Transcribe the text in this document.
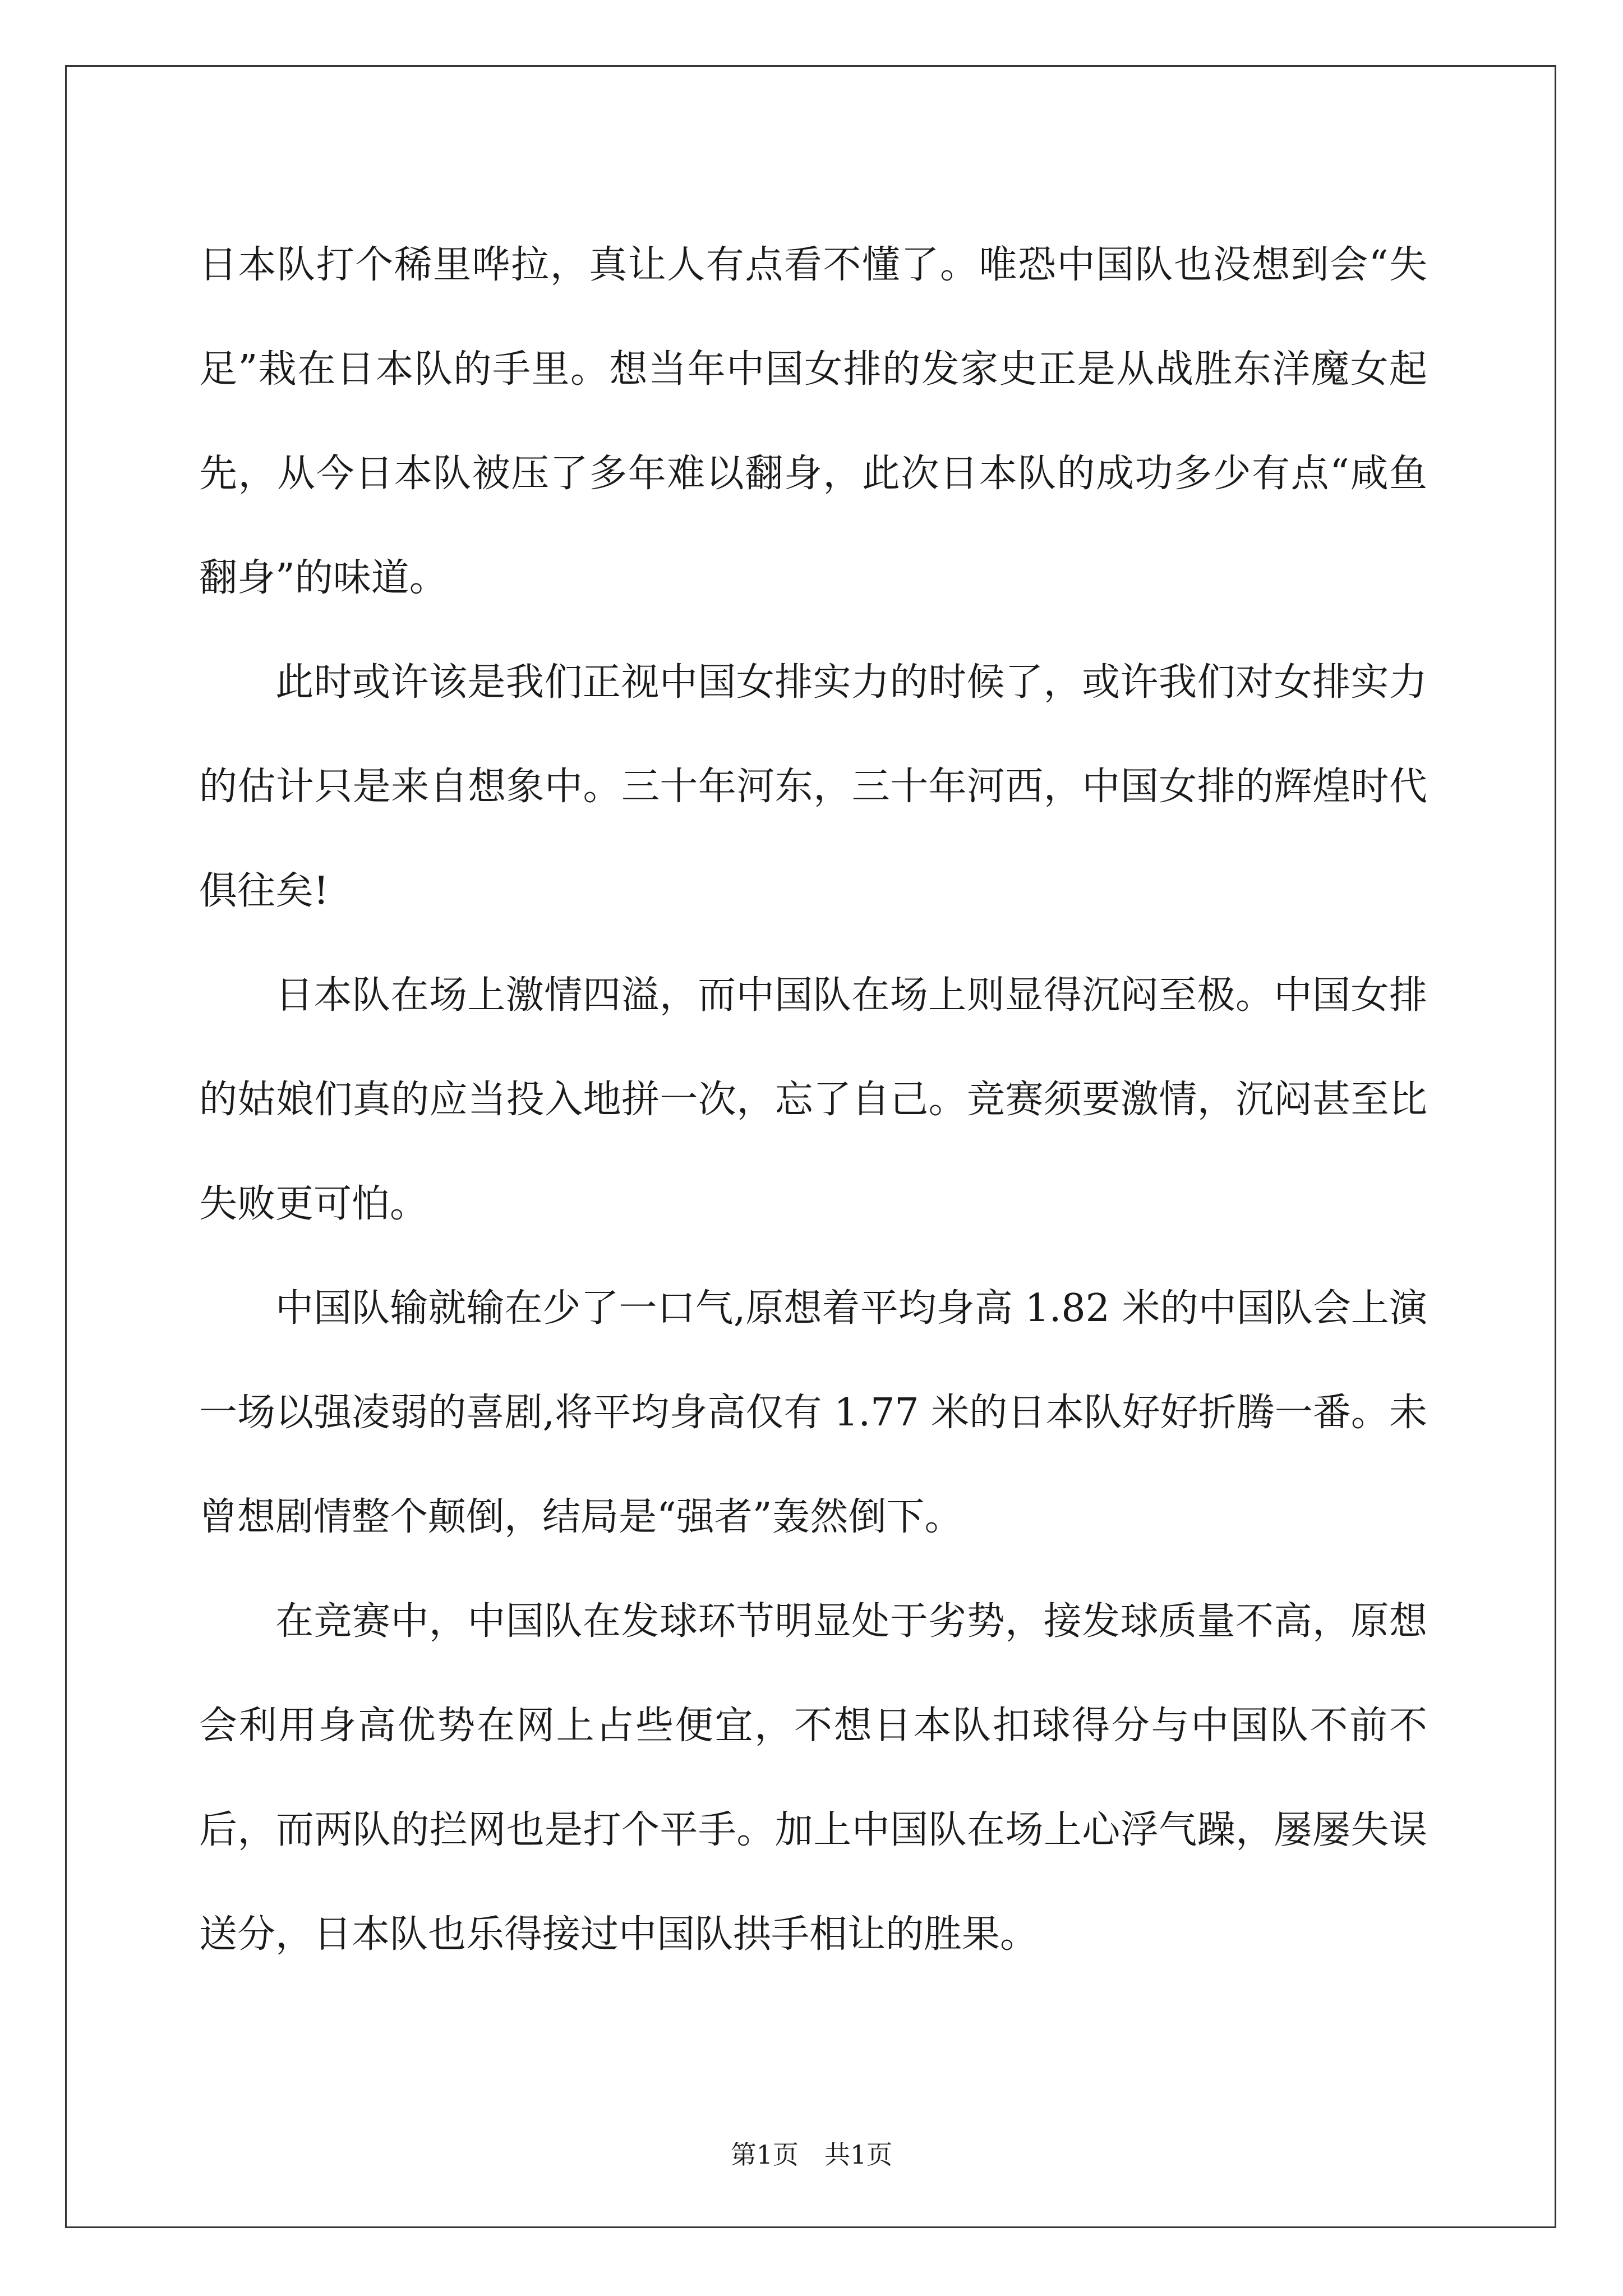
日本队打个稀里哗拉，真让人有点看不懂了。唯恐中国队也没想到会“失足”栽在日本队的手里。想当年中国女排的发家史正是从战胜东洋魔女起先，从今日本队被压了多年难以翻身，此次日本队的成功多少有点“咸鱼翻身”的味道。

此时或许该是我们正视中国女排实力的时候了，或许我们对女排实力的估计只是来自想象中。三十年河东，三十年河西，中国女排的辉煌时代俱往矣!

日本队在场上激情四溢，而中国队在场上则显得沉闷至极。中国女排的姑娘们真的应当投入地拼一次，忘了自己。竞赛须要激情，沉闷甚至比失败更可怕。

中国队输就输在少了一口气,原想着平均身高 1.82 米的中国队会上演一场以强凌弱的喜剧,将平均身高仅有 1.77 米的日本队好好折腾一番。未曾想剧情整个颠倒，结局是“强者”轰然倒下。

在竞赛中，中国队在发球环节明显处于劣势，接发球质量不高，原想会利用身高优势在网上占些便宜，不想日本队扣球得分与中国队不前不后，而两队的拦网也是打个平手。加上中国队在场上心浮气躁，屡屡失误送分，日本队也乐得接过中国队拱手相让的胜果。

第1页　共1页
